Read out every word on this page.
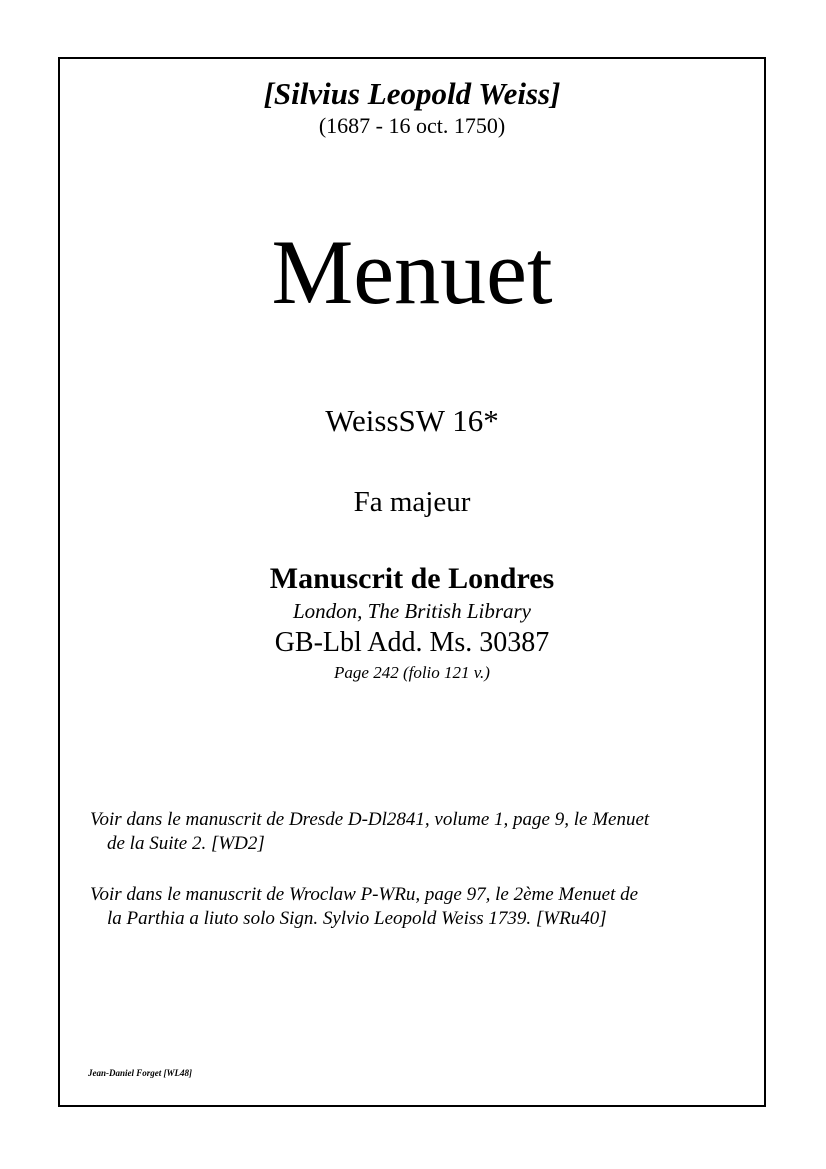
[Silvius Leopold Weiss]
(1687 - 16 oct. 1750)
Menuet
WeissSW 16*
Fa majeur
Manuscrit de Londres
London, The British Library
GB-Lbl Add. Ms. 30387
Page 242 (folio 121 v.)
Voir dans le manuscrit de Dresde D-Dl2841, volume 1, page 9, le Menuet
de la Suite 2. [WD2]
Voir dans le manuscrit de Wroclaw P-WRu, page 97, le 2ème Menuet de
la Parthia a liuto solo Sign. Sylvio Leopold Weiss 1739. [WRu40]
Jean-Daniel Forget [WL48]
